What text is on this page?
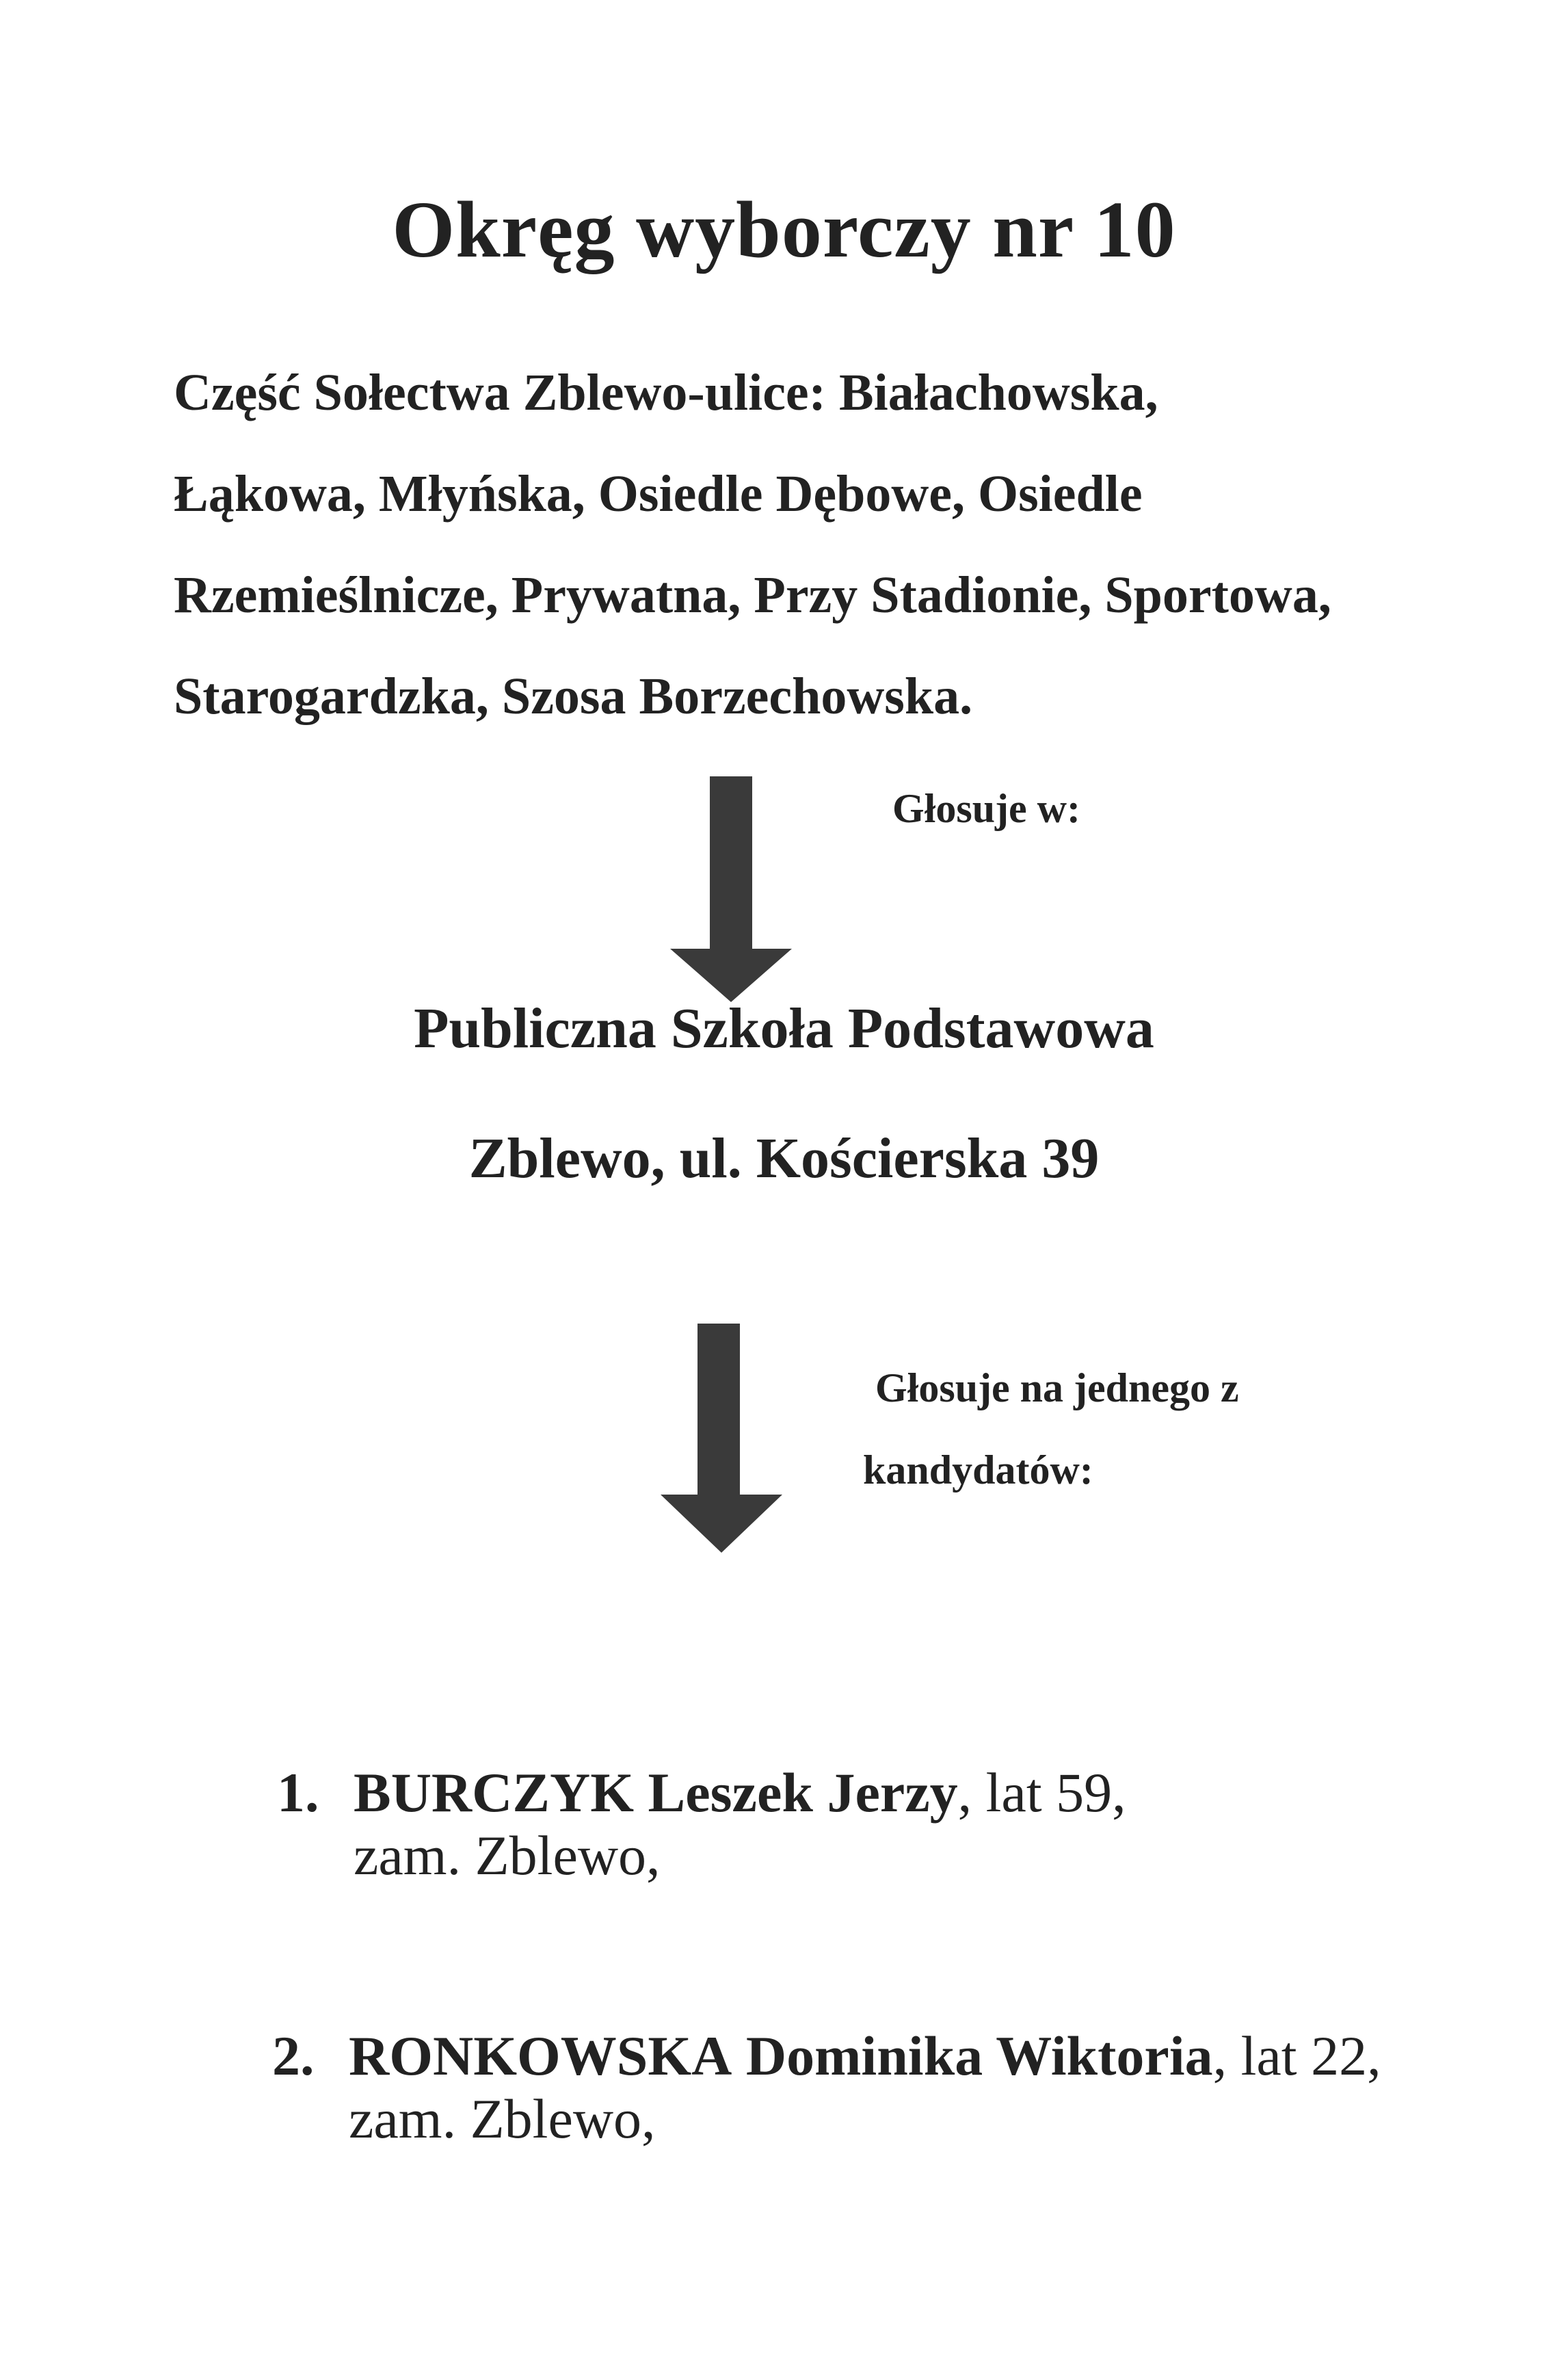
Okręg wyborczy nr 10
Część Sołectwa Zblewo-ulice: Białachowska,
Łąkowa, Młyńska, Osiedle Dębowe, Osiedle
Rzemieślnicze, Prywatna, Przy Stadionie, Sportowa,
Starogardzka, Szosa Borzechowska.
Głosuje w:
Publiczna Szkoła Podstawowa
Zblewo, ul. Kościerska 39
Głosuje na jednego z
kandydatów:
1. BURCZYK Leszek Jerzy, lat 59,
zam. Zblewo,
2. RONKOWSKA Dominika Wiktoria, lat 22,
zam. Zblewo,
